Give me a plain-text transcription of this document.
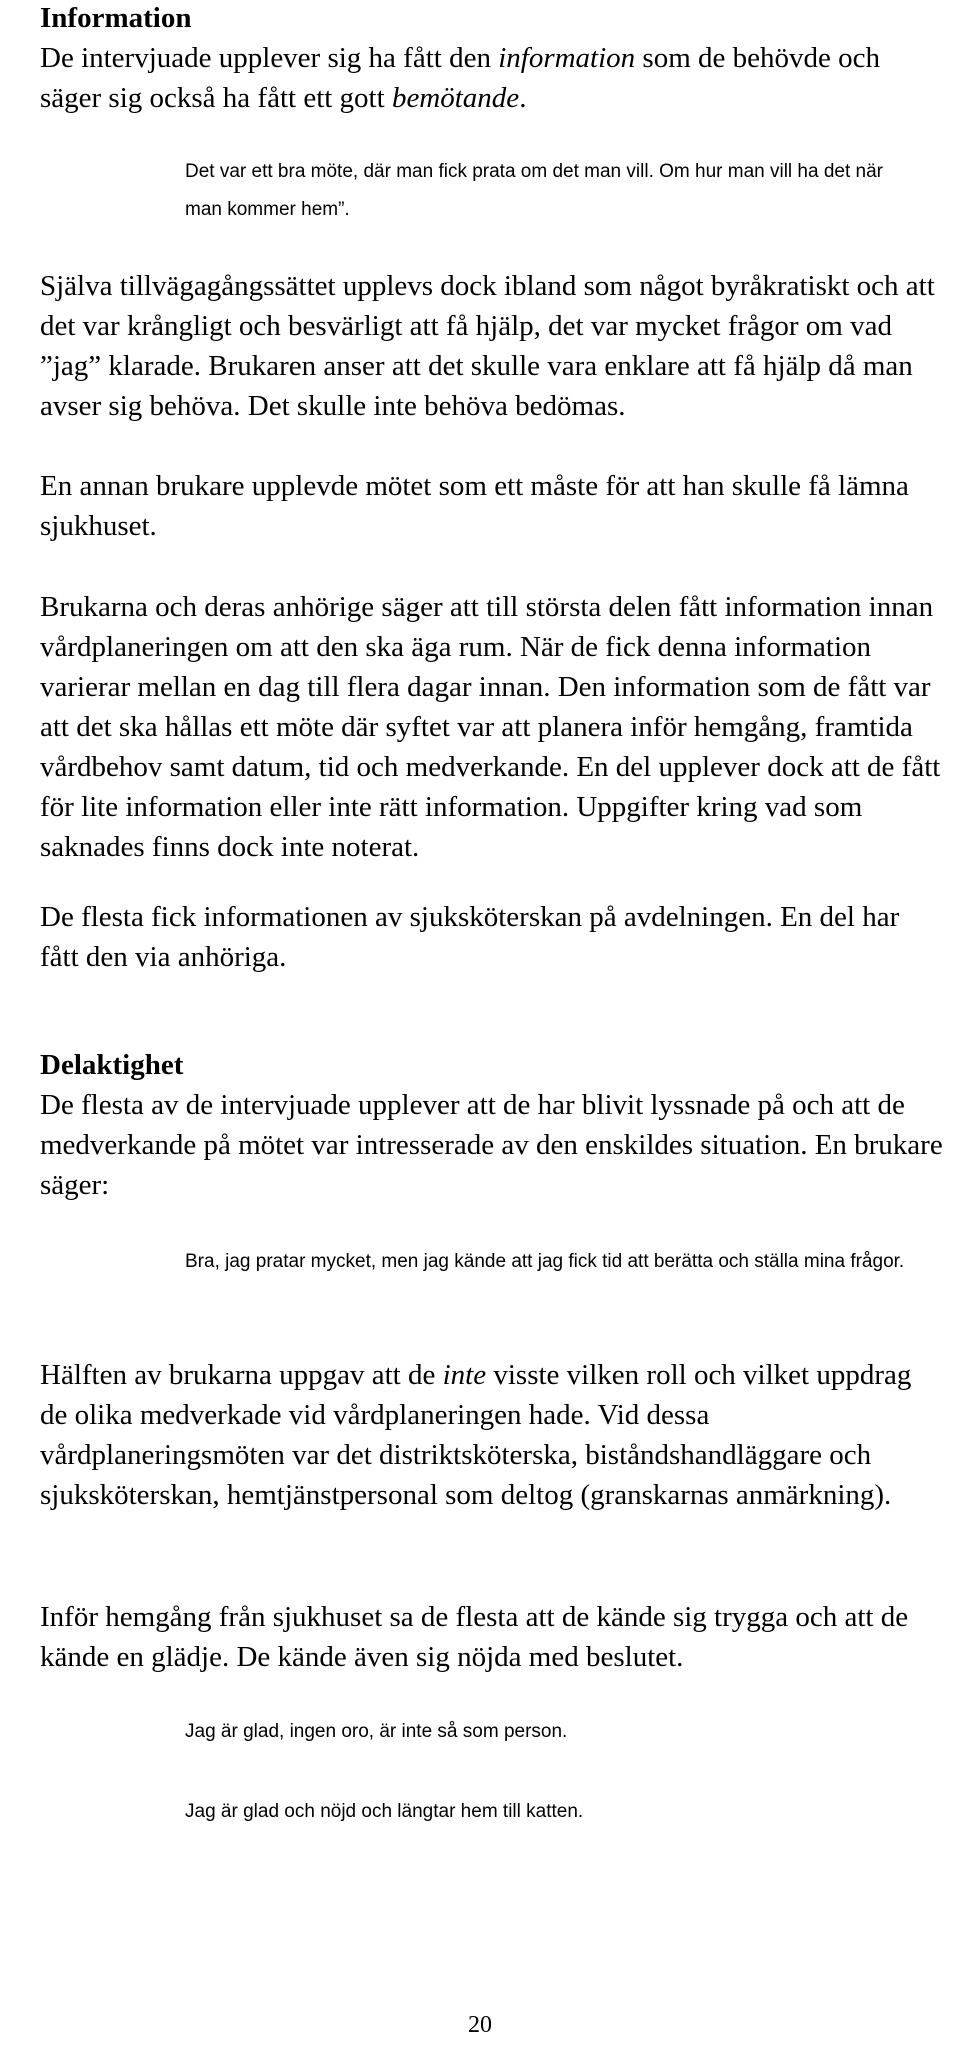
Information

De intervjuade upplever sig ha fått den information som de behövde och säger sig också ha fått ett gott bemötande.

Det var ett bra möte, där man fick prata om det man vill. Om hur man vill ha det när man kommer hem”.

Själva tillvägagångssättet upplevs dock ibland som något byråkratiskt och att det var krångligt och besvärligt att få hjälp, det var mycket frågor om vad ”jag” klarade. Brukaren anser att det skulle vara enklare att få hjälp då man avser sig behöva. Det skulle inte behöva bedömas.

En annan brukare upplevde mötet som ett måste för att han skulle få lämna sjukhuset.

Brukarna och deras anhörige säger att till största delen fått information innan vårdplaneringen om att den ska äga rum. När de fick denna information varierar mellan en dag till flera dagar innan. Den information som de fått var att det ska hållas ett möte där syftet var att planera inför hemgång, framtida vårdbehov samt datum, tid och medverkande. En del upplever dock att de fått för lite information eller inte rätt information. Uppgifter kring vad som saknades finns dock inte noterat.

De flesta fick informationen av sjuksköterskan på avdelningen. En del har fått den via anhöriga.

Delaktighet

De flesta av de intervjuade upplever att de har blivit lyssnade på och att de medverkande på mötet var intresserade av den enskildes situation. En brukare säger:

Bra, jag pratar mycket, men jag kände att jag fick tid att berätta och ställa mina frågor.

Hälften av brukarna uppgav att de inte visste vilken roll och vilket uppdrag de olika medverkade vid vårdplaneringen hade. Vid dessa vårdplaneringsmöten var det distriktsköterska, biståndshandläggare och sjuksköterskan, hemtjänstpersonal som deltog (granskarnas anmärkning).

Inför hemgång från sjukhuset sa de flesta att de kände sig trygga och att de kände en glädje. De kände även sig nöjda med beslutet.

Jag är glad, ingen oro, är inte så som person.

Jag är glad och nöjd och längtar hem till katten.

20
